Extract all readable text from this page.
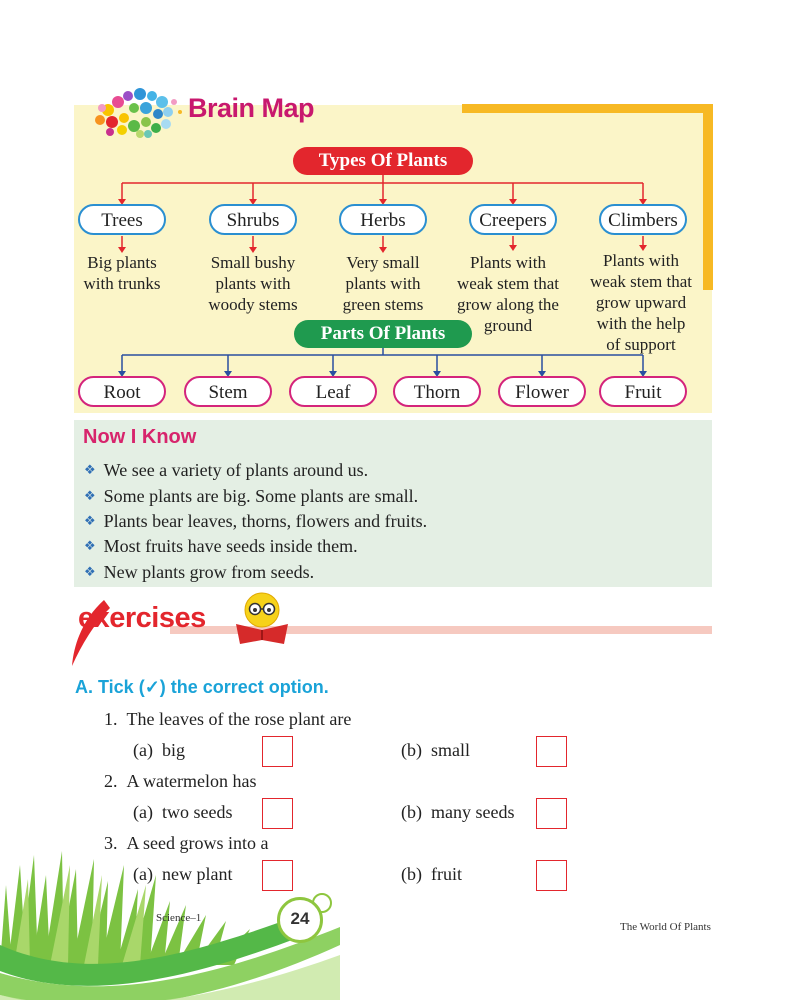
Brain Map
Types Of Plants
Trees	Shrubs	Herbs	Creepers	Climbers
Big plants
with trunks
Small bushy
plants with
woody stems
Very small
plants with
green stems
Plants with
weak stem that
grow along the
ground
Plants with
weak stem that
grow upward
with the help
of support
Parts Of Plants
Root	Stem	Leaf	Thorn	Flower	Fruit
Now I Know
❖ We see a variety of plants around us.
❖ Some plants are big. Some plants are small.
❖ Plants bear leaves, thorns, flowers and fruits.
❖ Most fruits have seeds inside them.
❖ New plants grow from seeds.
exercises
A. Tick (✓) the correct option.
1. The leaves of the rose plant are
(a) big	(b) small
2. A watermelon has
(a) two seeds	(b) many seeds
3. A seed grows into a
(a) new plant	(b) fruit
24
Science–1
The World Of Plants
